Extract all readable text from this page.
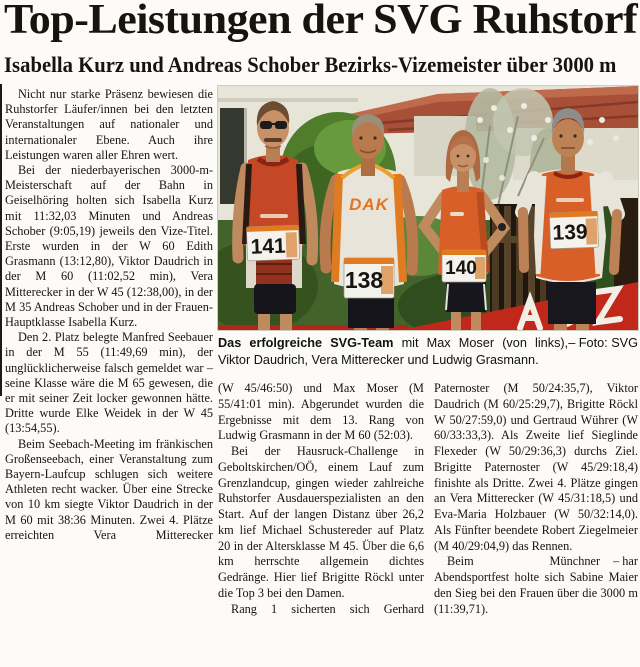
Top-Leistungen der SVG Ruhstorf
Isabella Kurz und Andreas Schober Bezirks-Vizemeister über 3000 m

Nicht nur starke Präsenz bewiesen die Ruhstorfer Läufer/innen bei den letzten Veranstaltungen auf nationaler und internationaler Ebene. Auch ihre Leistungen waren aller Ehren wert.

Bei der niederbayerischen 3000-m-Meisterschaft auf der Bahn in Geiselhöring holten sich Isabella Kurz mit 11:32,03 Minuten und Andreas Schober (9:05,19) jeweils den Vize-Titel. Erste wurden in der W 60 Edith Grasmann (13:12,80), Viktor Daudrich in der M 60 (11:02,52 min), Vera Mitterecker in der W 45 (12:38,00), in der M 35 Andreas Schober und in der Frauen-Hauptklasse Isabella Kurz.

Den 2. Platz belegte Manfred Seebauer in der M 55 (11:49,69 min), der unglücklicherweise falsch gemeldet war – seine Klasse wäre die M 65 gewesen, die er mit seiner Zeit locker gewonnen hätte. Dritte wurde Elke Weidek in der W 45 (13:54,55).

Beim Seebach-Meeting im fränkischen Großenseebach, einer Veranstaltung zum Bayern-Laufcup schlugen sich weitere Athleten recht wacker. Über eine Strecke von 10 km siegte Viktor Daudrich in der M 60 mit 38:36 Minuten. Zwei 4. Plätze erreichten Vera Mitterecker

141
DAK
138	140
139
Das erfolgreiche SVG-Team	– Foto: SVG
mit Max Moser (von links), Viktor Daudrich, Vera Mitterecker und Ludwig Grasmann.

(W 45/46:50) und Max Moser (M 55/41:01 min). Abgerundet wurden die Ergebnisse mit dem 13. Rang von Ludwig Grasmann in der M 60 (52:03).

Bei der Hausruck-Challenge in Geboltskirchen/OÖ, einem Lauf zum Grenzlandcup, gingen wieder zahlreiche Ruhstorfer Ausdauerspezialisten an den Start. Auf der langen Distanz über 26,2 km lief Michael Schustereder auf Platz 20 in der Altersklasse M 45. Über die 6,6 km herrschte allgemein dichtes Gedränge. Hier lief Brigitte Röckl unter die Top 3 bei den Damen.

Rang 1 sicherten sich Gerhard

Paternoster (M 50/24:35,7), Viktor Daudrich (M 60/25:29,7), Brigitte Röckl W 50/27:59,0) und Gertraud Wührer (W 60/33:33,3). Als Zweite lief Sieglinde Flexeder (W 50/29:36,3) durchs Ziel. Brigitte Paternoster (W 45/29:18,4) finishte als Dritte. Zwei 4. Plätze gingen an Vera Mitterecker (W 45/31:18,5) und Eva-Maria Holzbauer (W 50/32:14,0). Als Fünfter beendete Robert Ziegelmeier (M 40/29:04,9) das Rennen.

– har
Beim Münchner Abendsportfest holte sich Sabine Maier den Sieg bei den Frauen über die 3000 m (11:39,71).
